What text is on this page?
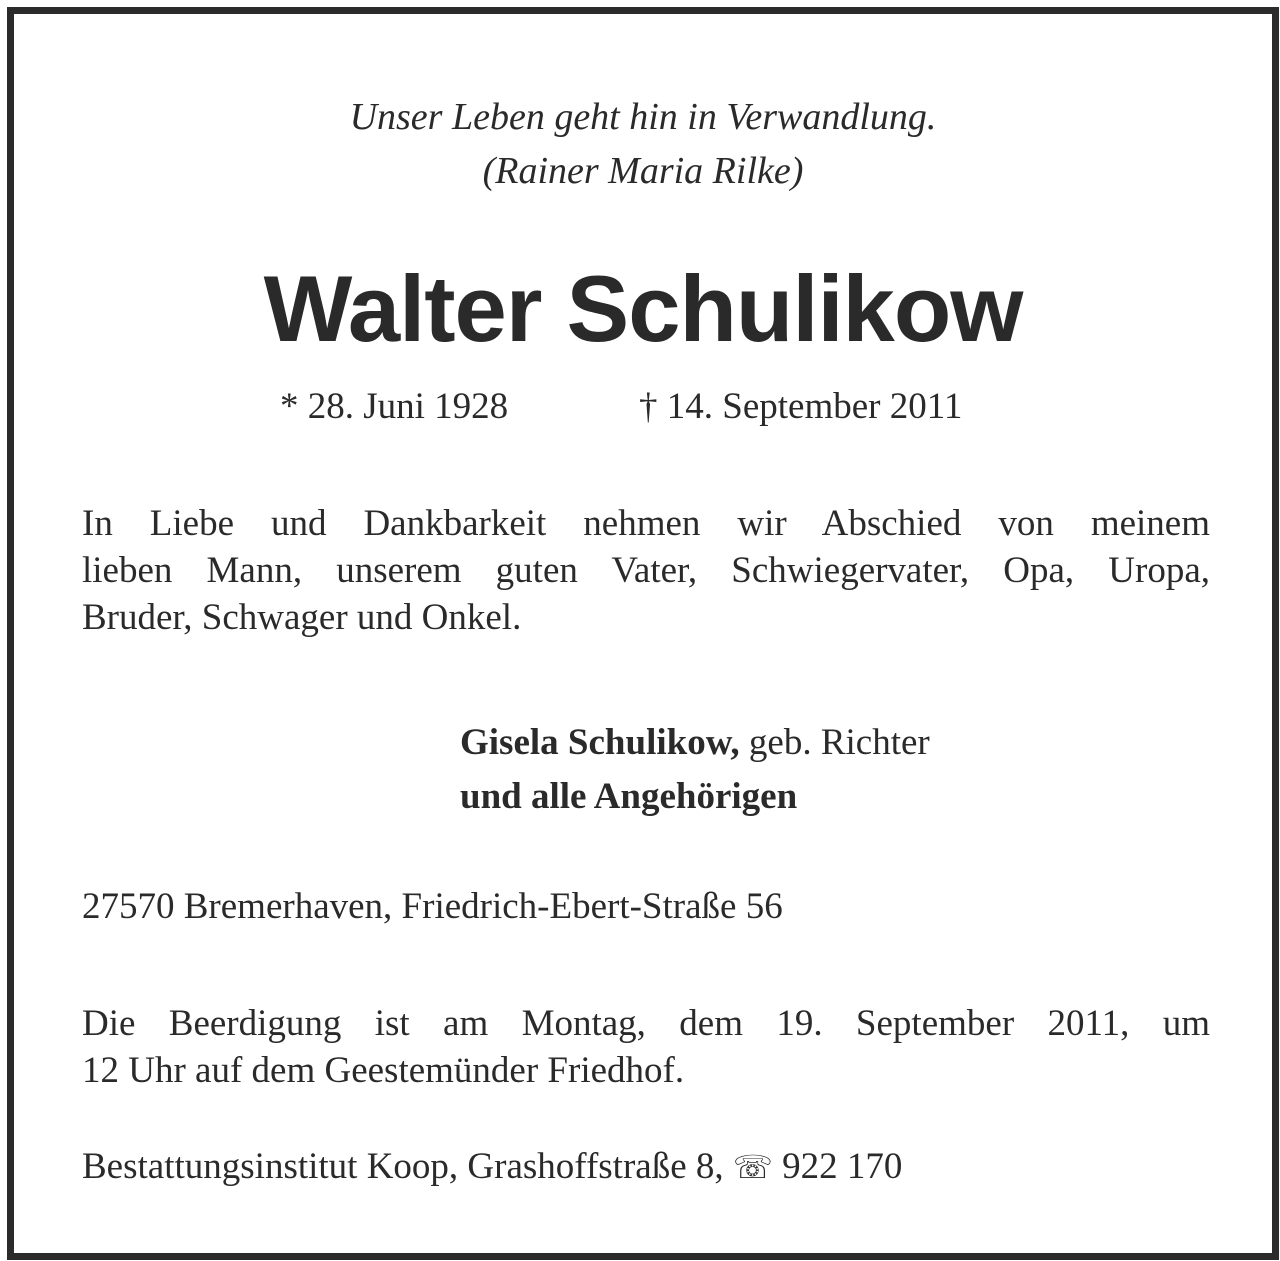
Unser Leben geht hin in Verwandlung.
(Rainer Maria Rilke)
Walter Schulikow
* 28. Juni 1928	† 14. September 2011
In Liebe und Dankbarkeit nehmen wir Abschied von meinem
lieben Mann, unserem guten Vater, Schwiegervater, Opa, Uropa,
Bruder, Schwager und Onkel.
Gisela Schulikow, geb. Richter
und alle Angehörigen
27570 Bremerhaven, Friedrich-Ebert-Straße 56
Die Beerdigung ist am Montag, dem 19. September 2011, um
12 Uhr auf dem Geestemünder Friedhof.
Bestattungsinstitut Koop, Grashoffstraße 8, ☏ 922 170
